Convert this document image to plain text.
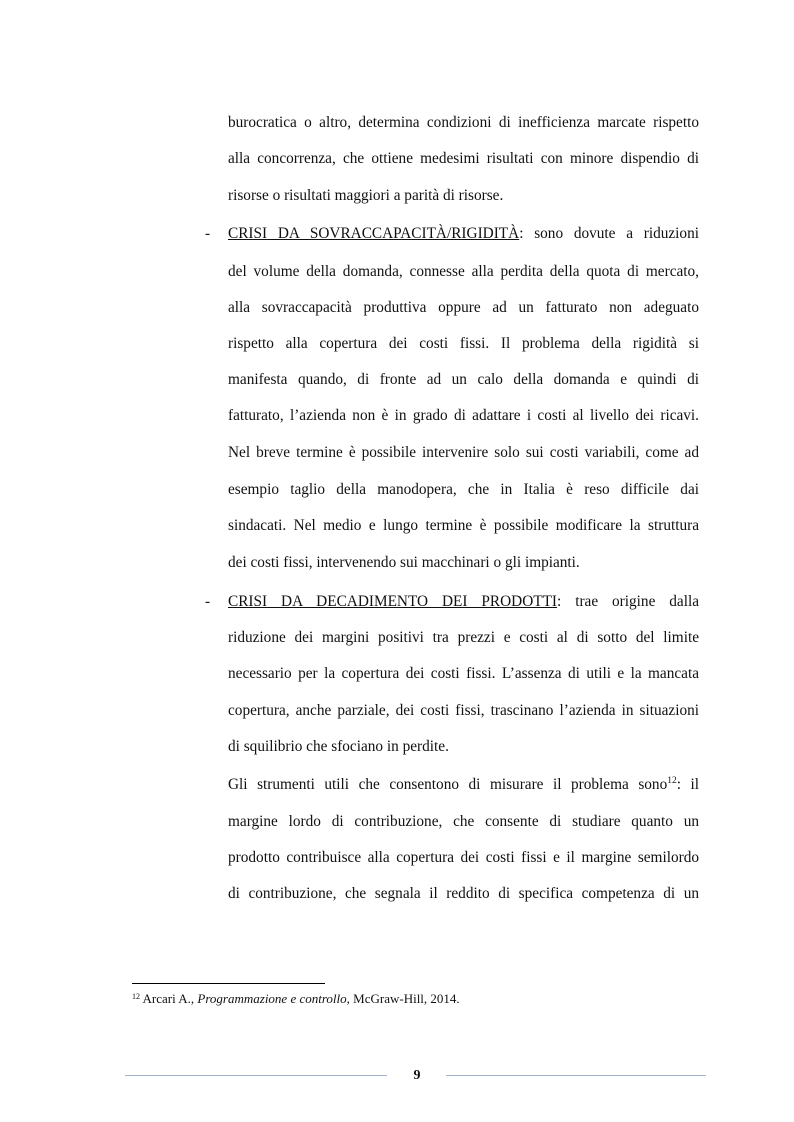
burocratica o altro, determina condizioni di inefficienza marcate rispetto
alla concorrenza, che ottiene medesimi risultati con minore dispendio di
risorse o risultati maggiori a parità di risorse.
- CRISI DA SOVRACCAPACITÀ/RIGIDITÀ: sono dovute a riduzioni
del volume della domanda, connesse alla perdita della quota di mercato,
alla sovraccapacità produttiva oppure ad un fatturato non adeguato
rispetto alla copertura dei costi fissi. Il problema della rigidità si
manifesta quando, di fronte ad un calo della domanda e quindi di
fatturato, l’azienda non è in grado di adattare i costi al livello dei ricavi.
Nel breve termine è possibile intervenire solo sui costi variabili, come ad
esempio taglio della manodopera, che in Italia è reso difficile dai
sindacati. Nel medio e lungo termine è possibile modificare la struttura
dei costi fissi, intervenendo sui macchinari o gli impianti.
- CRISI DA DECADIMENTO DEI PRODOTTI: trae origine dalla
riduzione dei margini positivi tra prezzi e costi al di sotto del limite
necessario per la copertura dei costi fissi. L’assenza di utili e la mancata
copertura, anche parziale, dei costi fissi, trascinano l’azienda in situazioni
di squilibrio che sfociano in perdite.
Gli strumenti utili che consentono di misurare il problema sono$^{12}$: il
margine lordo di contribuzione, che consente di studiare quanto un
prodotto contribuisce alla copertura dei costi fissi e il margine semilordo
di contribuzione, che segnala il reddito di specifica competenza di un
$^{12}$ Arcari A., Programmazione e controllo, McGraw-Hill, 2014.
9
